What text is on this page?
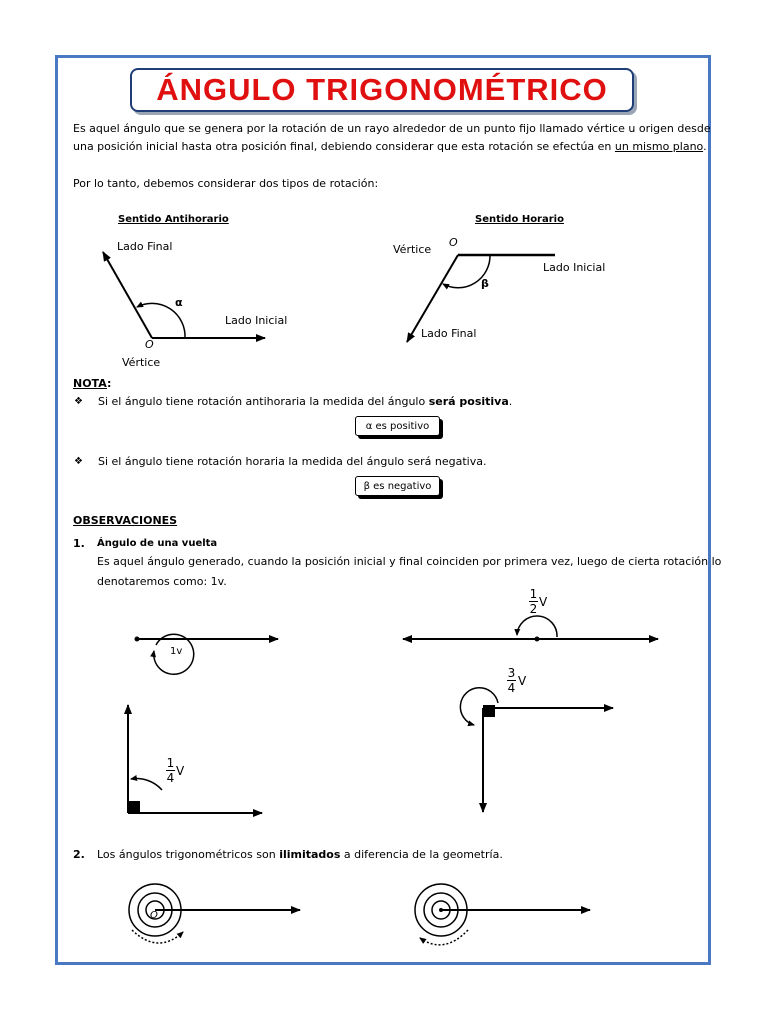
ÁNGULO TRIGONOMÉTRICO
Es aquel ángulo que se genera por la rotación de un rayo alrededor de un punto fijo llamado vértice u origen desde
una posición inicial hasta otra posición final, debiendo considerar que esta rotación se efectúa en un mismo plano.
Por lo tanto, debemos considerar dos tipos de rotación:
Sentido Antihorario
Lado Final
Lado Inicial
α
O
Vértice
Sentido Horario
Vértice
O
Lado Inicial
β
Lado Final
NOTA:
❖ Si el ángulo tiene rotación antihoraria la medida del ángulo será positiva.
α es positivo
❖ Si el ángulo tiene rotación horaria la medida del ángulo será negativa.
β es negativo
OBSERVACIONES
1. Ángulo de una vuelta
Es aquel ángulo generado, cuando la posición inicial y final coinciden por primera vez, luego de cierta rotación lo
denotaremos como: 1v.
1v
1
2 V
3
4 V
1
4 V
2. Los ángulos trigonométricos son ilimitados a diferencia de la geometría.
O
